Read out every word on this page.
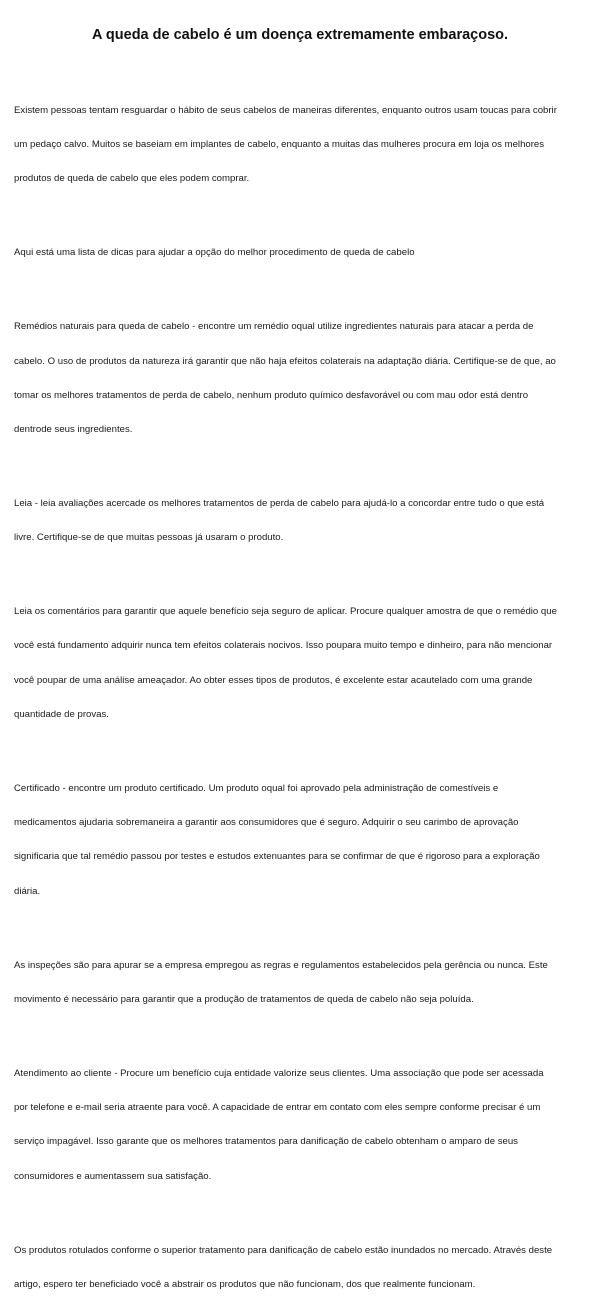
A queda de cabelo é um doença extremamente embaraçoso.

Existem pessoas tentam resguardar o hábito de seus cabelos de maneiras diferentes, enquanto outros usam toucas para cobrir

um pedaço calvo. Muitos se baseiam em implantes de cabelo, enquanto a muitas das mulheres procura em loja os melhores

produtos de queda de cabelo que eles podem comprar.

Aqui está uma lista de dicas para ajudar a opção do melhor procedimento de queda de cabelo

Remédios naturais para queda de cabelo - encontre um remédio oqual utilize ingredientes naturais para atacar a perda de

cabelo. O uso de produtos da natureza irá garantir que não haja efeitos colaterais na adaptação diária. Certifique-se de que, ao

tomar os melhores tratamentos de perda de cabelo, nenhum produto químico desfavorável ou com mau odor está dentro

dentrode seus ingredientes.

Leia - leia avaliações acercade os melhores tratamentos de perda de cabelo para ajudá-lo a concordar entre tudo o que está

livre. Certifique-se de que muitas pessoas já usaram o produto.

Leia os comentários para garantir que aquele benefício seja seguro de aplicar. Procure qualquer amostra de que o remédio que

você está fundamento adquirir nunca tem efeitos colaterais nocivos. Isso poupara muito tempo e dinheiro, para não mencionar

você poupar de uma análise ameaçador. Ao obter esses tipos de produtos, é excelente estar acautelado com uma grande

quantidade de provas.

Certificado - encontre um produto certificado. Um produto oqual foi aprovado pela administração de comestíveis e

medicamentos ajudaria sobremaneira a garantir aos consumidores que é seguro. Adquirir o seu carimbo de aprovação

significaria que tal remédio passou por testes e estudos extenuantes para se confirmar de que é rigoroso para a exploração

diária.

As inspeções são para apurar se a empresa empregou as regras e regulamentos estabelecidos pela gerência ou nunca. Este

movimento é necessário para garantir que a produção de tratamentos de queda de cabelo não seja poluída.

Atendimento ao cliente - Procure um benefício cuja entidade valorize seus clientes. Uma associação que pode ser acessada

por telefone e e-mail seria atraente para você. A capacidade de entrar em contato com eles sempre conforme precisar é um

serviço impagável. Isso garante que os melhores tratamentos para danificação de cabelo obtenham o amparo de seus

consumidores e aumentassem sua satisfação.

Os produtos rotulados conforme o superior tratamento para danificação de cabelo estão inundados no mercado. Através deste

artigo, espero ter beneficiado você a abstrair os produtos que não funcionam, dos que realmente funcionam.
